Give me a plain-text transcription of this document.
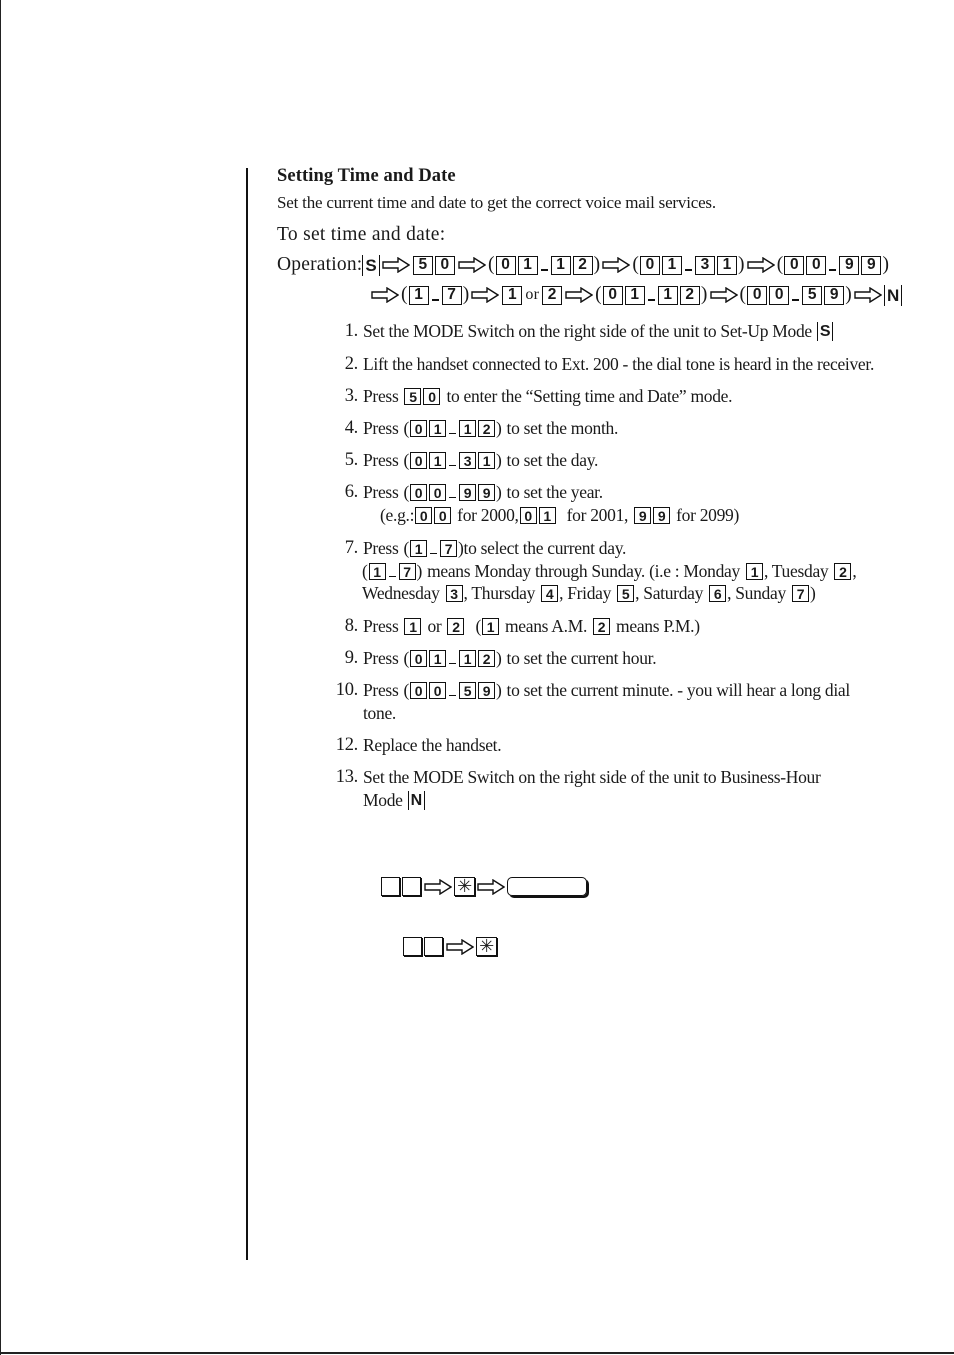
Setting Time and Date
Set the current time and date to get the correct voice mail services.
To set time and date:
Operation: S	5 0 ( 0 1	1 2 ) ( 0 1	3 1 ) ( 0 0	9 9 )
( 1	7 )	1 or 2 ( 0 1	1 2 ) ( 0 0	5 9 ) N
1. Set the MODE Switch on the right side of the unit to Set-Up Mode S
2. Lift the handset connected to Ext. 200 - the dial tone is heard in the receiver.
3. Press 5 0 to enter the “Setting time and Date” mode.
4. Press ( 0 1	1 2 ) to set the month.
5. Press ( 0 1	3 1 ) to set the day.
6. Press ( 0 0	9 9 ) to set the year.
(e.g.: 0 0 for 2000, 0 1 for 2001, 9 9 for 2099)
7. Press ( 1	7 ) to select the current day.
( 1	7 ) means Monday through Sunday. (i.e : Monday 1 , Tuesday 2 ,
Wednesday 3 , Thursday 4 , Friday 5 , Saturday 6 , Sunday 7 )
8. Press 1 or 2 ( 1 means A.M. 2 means P.M.)
9. Press ( 0 1	1 2 ) to set the current hour.
10. Press ( 0 0	5 9 ) to set the current minute. - you will hear a long dial
tone.
12. Replace the handset.
13. Set the MODE Switch on the right side of the unit to Business-Hour
Mode N
✳
✳
